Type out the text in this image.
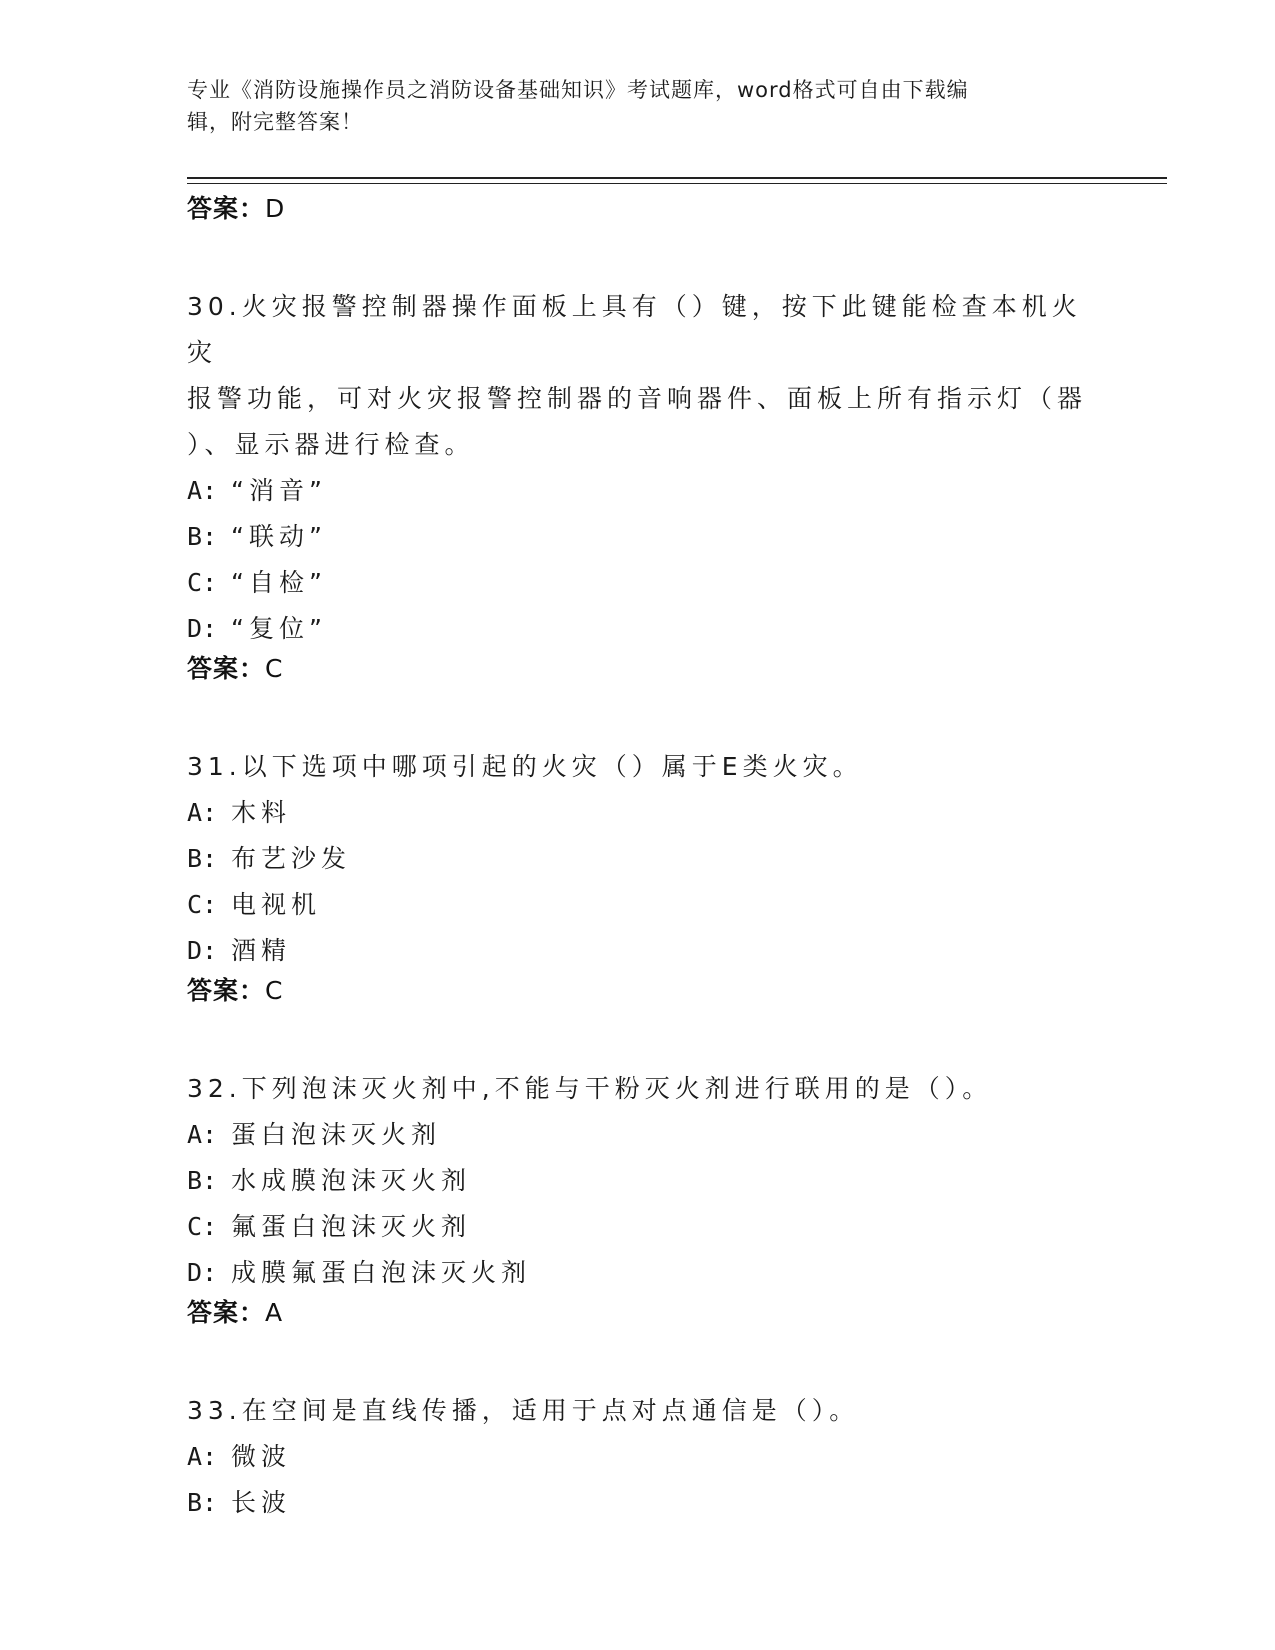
专业《消防设施操作员之消防设备基础知识》考试题库，word格式可自由下载编
辑，附完整答案！
答案：D
30.火灾报警控制器操作面板上具有（）键，按下此键能检查本机火灾
报警功能，可对火灾报警控制器的音响器件、面板上所有指示灯（器
）、显示器进行检查。
A: “消音”
B: “联动”
C: “自检”
D: “复位”
答案：C
31.以下选项中哪项引起的火灾（）属于E类火灾。
A: 木料
B: 布艺沙发
C: 电视机
D: 酒精
答案：C
32.下列泡沫灭火剂中,不能与干粉灭火剂进行联用的是（）。
A: 蛋白泡沫灭火剂
B: 水成膜泡沫灭火剂
C: 氟蛋白泡沫灭火剂
D: 成膜氟蛋白泡沫灭火剂
答案：A
33.在空间是直线传播，适用于点对点通信是（）。
A: 微波
B: 长波
